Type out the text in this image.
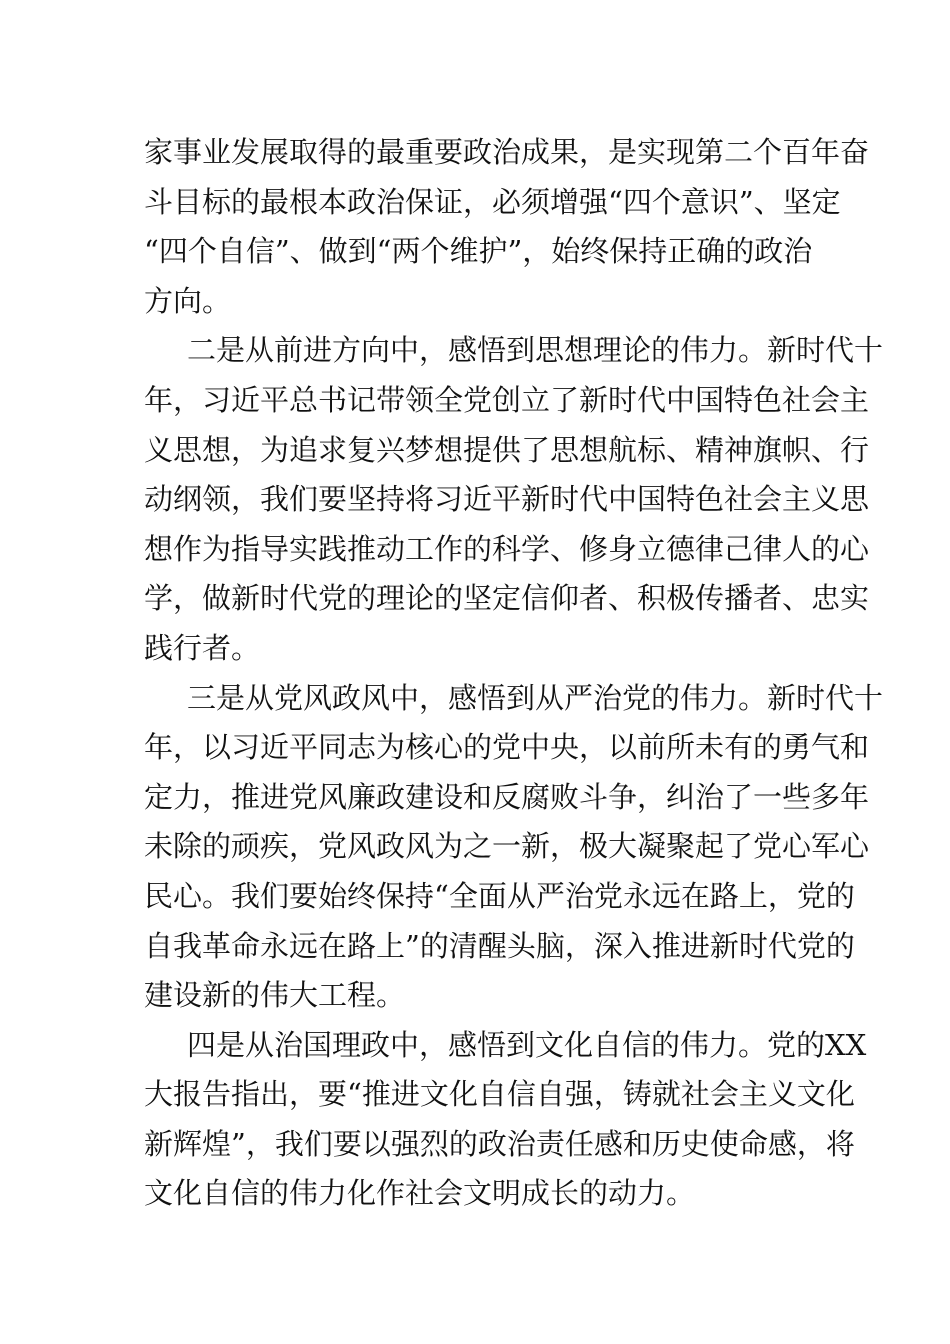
家事业发展取得的最重要政治成果，是实现第二个百年奋
斗目标的最根本政治保证，必须增强“四个意识”、坚定
“四个自信”、做到“两个维护”，始终保持正确的政治
方向。
二是从前进方向中，感悟到思想理论的伟力。新时代十
年，习近平总书记带领全党创立了新时代中国特色社会主
义思想，为追求复兴梦想提供了思想航标、精神旗帜、行
动纲领，我们要坚持将习近平新时代中国特色社会主义思
想作为指导实践推动工作的科学、修身立德律己律人的心
学，做新时代党的理论的坚定信仰者、积极传播者、忠实
践行者。
三是从党风政风中，感悟到从严治党的伟力。新时代十
年，以习近平同志为核心的党中央，以前所未有的勇气和
定力，推进党风廉政建设和反腐败斗争，纠治了一些多年
未除的顽疾，党风政风为之一新，极大凝聚起了党心军心
民心。我们要始终保持“全面从严治党永远在路上，党的
自我革命永远在路上”的清醒头脑，深入推进新时代党的
建设新的伟大工程。
四是从治国理政中，感悟到文化自信的伟力。党的XX
大报告指出，要“推进文化自信自强，铸就社会主义文化
新辉煌”，我们要以强烈的政治责任感和历史使命感，将
文化自信的伟力化作社会文明成长的动力。
